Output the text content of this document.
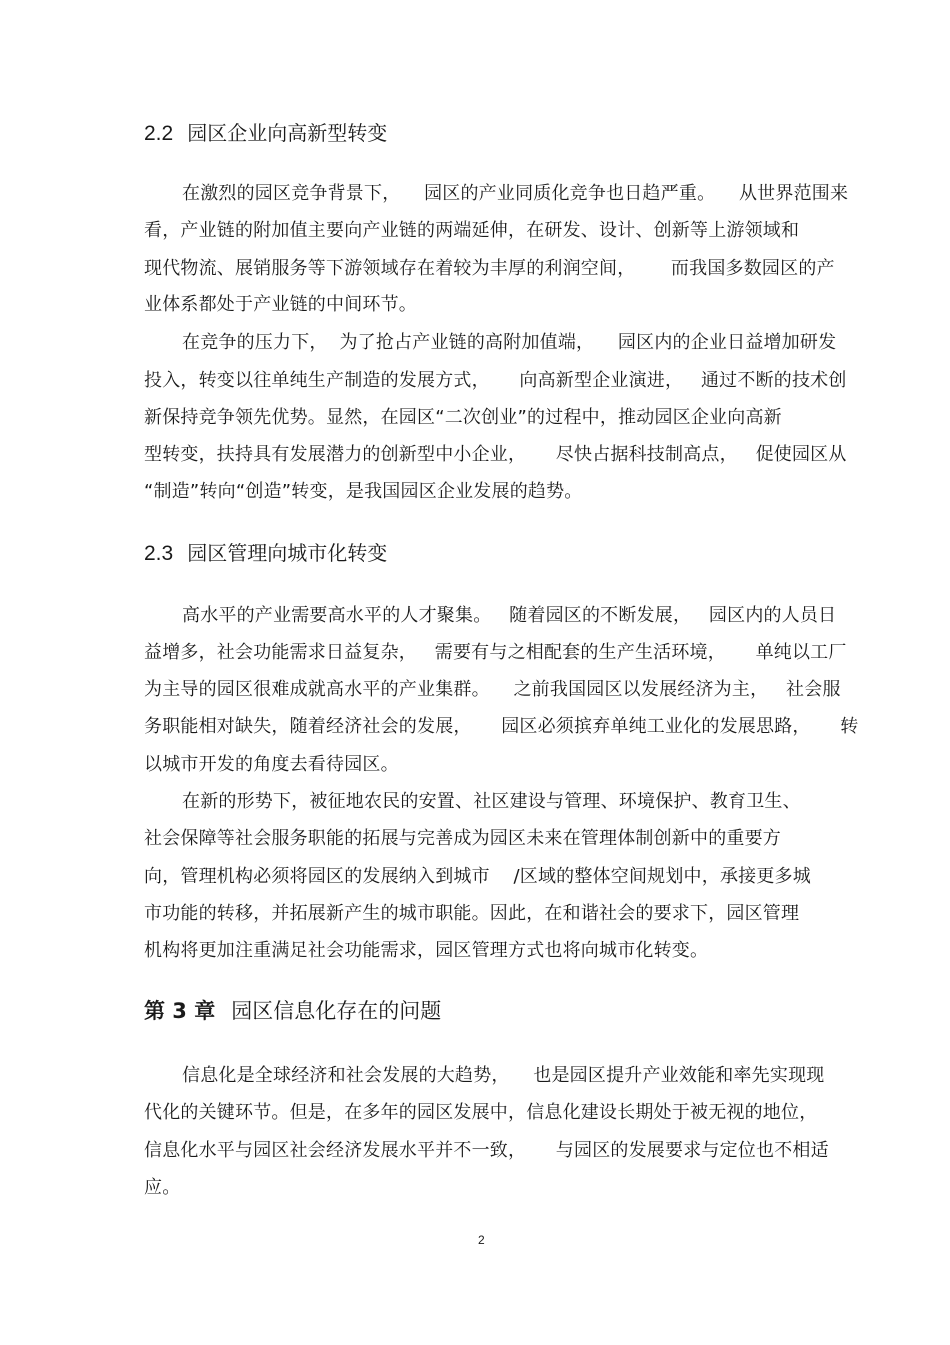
2.2 园区企业向高新型转变
在激烈的园区竞争背景下，    园区的产业同质化竞争也日趋严重。    从世界范围来
看，产业链的附加值主要向产业链的两端延伸，在研发、设计、创新等上游领域和
现代物流、展销服务等下游领域存在着较为丰厚的利润空间，      而我国多数园区的产
业体系都处于产业链的中间环节。
在竞争的压力下，  为了抢占产业链的高附加值端，    园区内的企业日益增加研发
投入，转变以往单纯生产制造的发展方式，     向高新型企业演进，   通过不断的技术创
新保持竞争领先优势。显然，在园区“二次创业”的过程中，推动园区企业向高新
型转变，扶持具有发展潜力的创新型中小企业，     尽快占据科技制高点，   促使园区从
“制造”转向“创造”转变，是我国园区企业发展的趋势。
2.3 园区管理向城市化转变
高水平的产业需要高水平的人才聚集。   随着园区的不断发展，   园区内的人员日
益增多，社会功能需求日益复杂，   需要有与之相配套的生产生活环境，     单纯以工厂
为主导的园区很难成就高水平的产业集群。    之前我国园区以发展经济为主，   社会服
务职能相对缺失，随着经济社会的发展，     园区必须摈弃单纯工业化的发展思路，     转
以城市开发的角度去看待园区。
在新的形势下，被征地农民的安置、社区建设与管理、环境保护、教育卫生、
社会保障等社会服务职能的拓展与完善成为园区未来在管理体制创新中的重要方
向，管理机构必须将园区的发展纳入到城市    /区域的整体空间规划中，承接更多城
市功能的转移，并拓展新产生的城市职能。因此，在和谐社会的要求下，园区管理
机构将更加注重满足社会功能需求，园区管理方式也将向城市化转变。
第 3 章 园区信息化存在的问题
信息化是全球经济和社会发展的大趋势，    也是园区提升产业效能和率先实现现
代化的关键环节。但是，在多年的园区发展中，信息化建设长期处于被无视的地位，
信息化水平与园区社会经济发展水平并不一致，     与园区的发展要求与定位也不相适
应。
2
